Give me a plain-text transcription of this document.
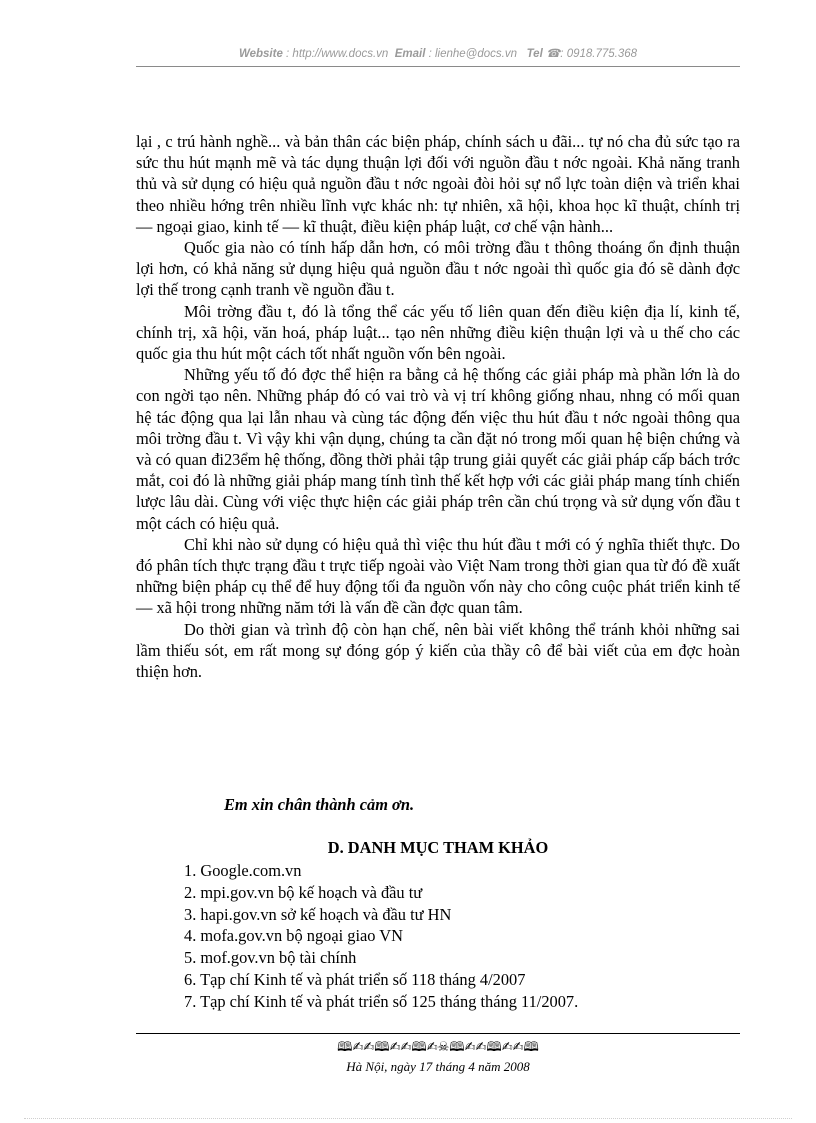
Website : http://www.docs.vn Email : lienhe@docs.vn Tel ☎: 0918.775.368

lại , c trú hành nghề... và bản thân các biện pháp, chính sách u đãi... tự nó cha đủ sức tạo ra sức thu hút mạnh mẽ và tác dụng thuận lợi đối với nguồn đầu t nớc ngoài. Khả năng tranh thủ và sử dụng có hiệu quả nguồn đầu t nớc ngoài đòi hỏi sự nổ lực toàn diện và triển khai theo nhiều hớng trên nhiều lĩnh vực khác nh: tự nhiên, xã hội, khoa học kĩ thuật, chính trị — ngoại giao, kinh tế — kĩ thuật, điều kiện pháp luật, cơ chế vận hành...

Quốc gia nào có tính hấp dẫn hơn, có môi trờng đầu t thông thoáng ổn định thuận lợi hơn, có khả năng sử dụng hiệu quả nguồn đầu t nớc ngoài thì quốc gia đó sẽ dành đợc lợi thế trong cạnh tranh về nguồn đầu t.

Môi trờng đầu t, đó là tổng thể các yếu tố liên quan đến điều kiện địa lí, kinh tế, chính trị, xã hội, văn hoá, pháp luật... tạo nên những điều kiện thuận lợi và u thế cho các quốc gia thu hút một cách tốt nhất nguồn vốn bên ngoài.

Những yếu tố đó đợc thể hiện ra bằng cả hệ thống các giải pháp mà phần lớn là do con ngời tạo nên. Những pháp đó có vai trò và vị trí không giống nhau, nhng có mối quan hệ tác động qua lại lẫn nhau và cùng tác động đến việc thu hút đầu t nớc ngoài thông qua môi trờng đầu t. Vì vậy khi vận dụng, chúng ta cần đặt nó trong mối quan hệ biện chứng và và có quan đi23ểm hệ thống, đồng thời phải tập trung giải quyết các giải pháp cấp bách trớc mắt, coi đó là những giải pháp mang tính tình thế kết hợp với các giải pháp mang tính chiến lược lâu dài. Cùng với việc thực hiện các giải pháp trên cần chú trọng và sử dụng vốn đầu t một cách có hiệu quả.

Chỉ khi nào sử dụng có hiệu quả thì việc thu hút đầu t mới có ý nghĩa thiết thực. Do đó phân tích thực trạng đầu t trực tiếp ngoài vào Việt Nam trong thời gian qua từ đó đề xuất những biện pháp cụ thể để huy động tối đa nguồn vốn này cho công cuộc phát triển kinh tế — xã hội trong những năm tới là vấn đề cần đợc quan tâm.

Do thời gian và trình độ còn hạn chế, nên bài viết không thể tránh khỏi những sai lầm thiếu sót, em rất mong sự đóng góp ý kiến của thầy cô để bài viết của em đợc hoàn thiện hơn.

Em xin chân thành cảm ơn.
D. DANH MỤC THAM KHẢO
1. Google.com.vn
2. mpi.gov.vn bộ kế hoạch và đầu tư
3. hapi.gov.vn sở kế hoạch và đầu tư HN
4. mofa.gov.vn bộ ngoại giao VN
5. mof.gov.vn bộ tài chính
6. Tạp chí Kinh tế và phát triển số 118 tháng 4/2007
7. Tạp chí Kinh tế và phát triển số 125 tháng tháng 11/2007.
🕮✍✍🕮✍✍🕮✍☠🕮✍✍🕮✍✍🕮
Hà Nội, ngày 17 tháng 4 năm 2008
